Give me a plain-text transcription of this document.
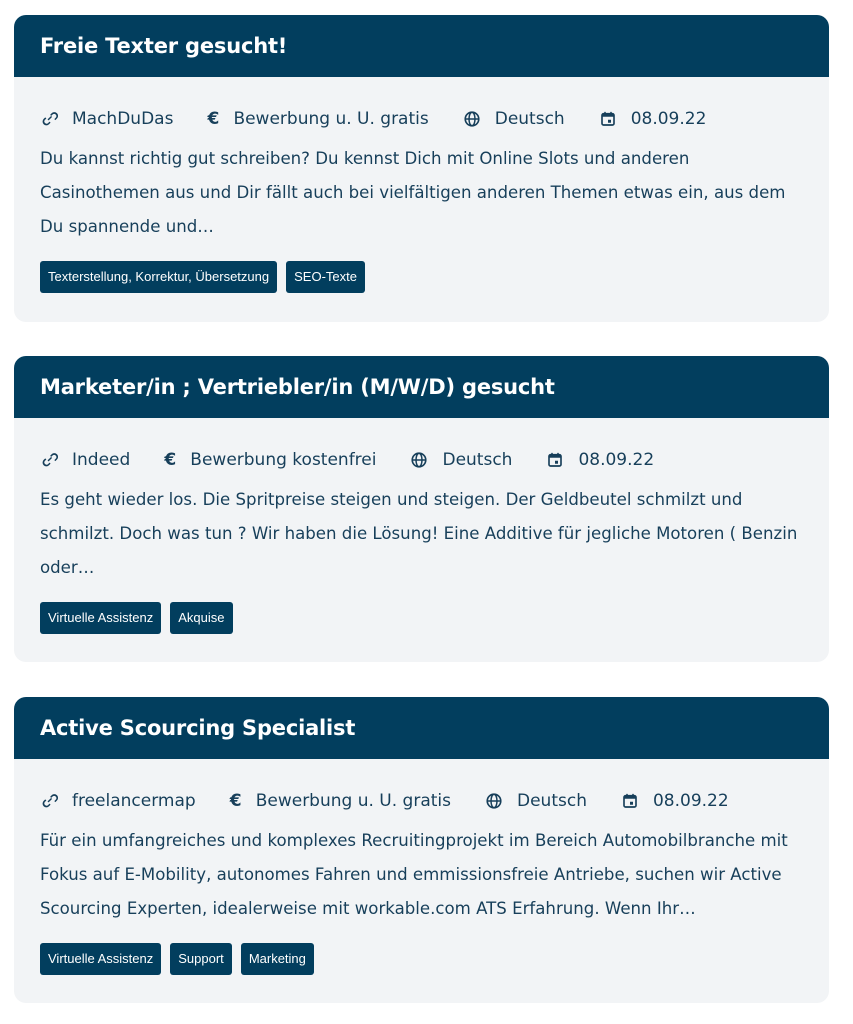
Freie Texter gesucht!
MachDuDas € Bewerbung u. U. gratis	Deutsch	08.09.22
Du kannst richtig gut schreiben? Du kennst Dich mit Online Slots und anderen Casinothemen aus und Dir fällt auch bei vielfältigen anderen Themen etwas ein, aus dem Du spannende und…
Texterstellung, Korrektur, Übersetzung	SEO-Texte
Marketer/in ; Vertriebler/in (M/W/D) gesucht
Indeed € Bewerbung kostenfrei	Deutsch	08.09.22
Es geht wieder los. Die Spritpreise steigen und steigen. Der Geldbeutel schmilzt und schmilzt. Doch was tun ? Wir haben die Lösung! Eine Additive für jegliche Motoren ( Benzin oder…
Virtuelle Assistenz	Akquise
Active Scourcing Specialist
freelancermap € Bewerbung u. U. gratis	Deutsch	08.09.22
Für ein umfangreiches und komplexes Recruitingprojekt im Bereich Automobilbranche mit Fokus auf E-Mobility, autonomes Fahren und emmissionsfreie Antriebe, suchen wir Active Scourcing Experten, idealerweise mit workable.com ATS Erfahrung. Wenn Ihr…
Virtuelle Assistenz	Support	Marketing
